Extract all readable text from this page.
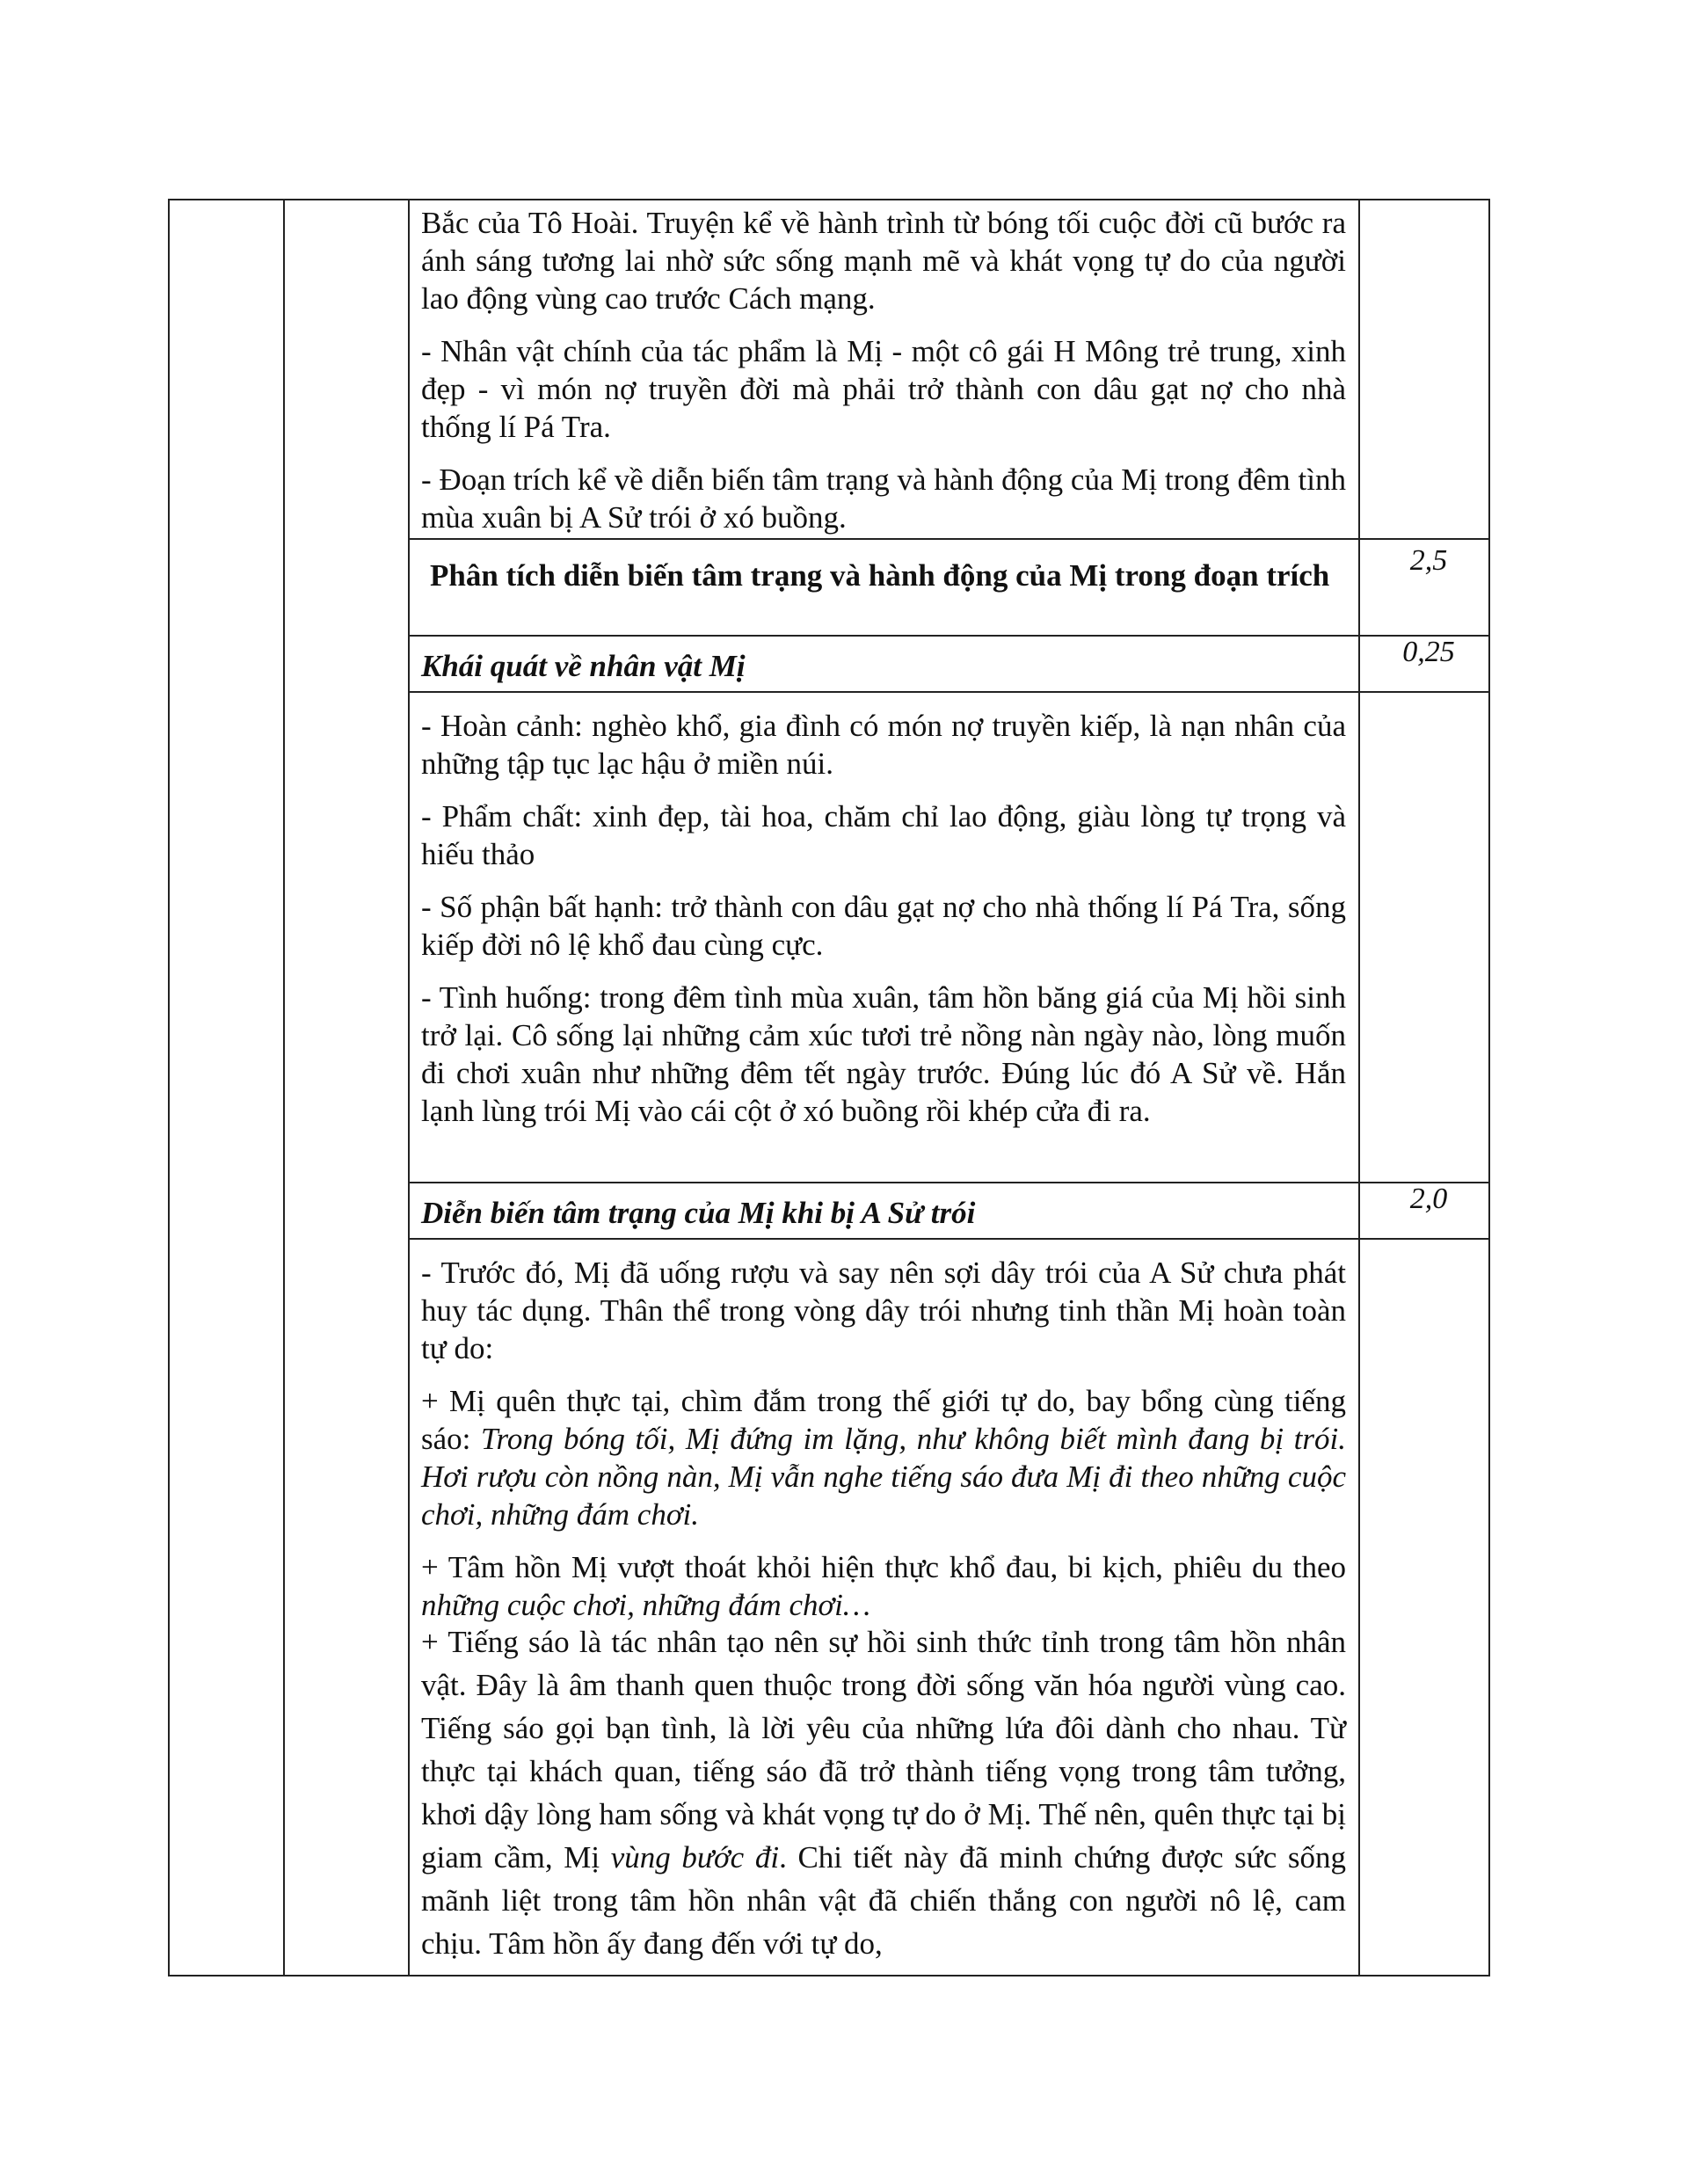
Bắc của Tô Hoài. Truyện kể về hành trình từ bóng tối cuộc đời cũ bước ra ánh sáng tương lai nhờ sức sống mạnh mẽ và khát vọng tự do của người lao động vùng cao trước Cách mạng.

- Nhân vật chính của tác phẩm là Mị - một cô gái H Mông trẻ trung, xinh đẹp - vì món nợ truyền đời mà phải trở thành con dâu gạt nợ cho nhà thống lí Pá Tra.

- Đoạn trích kể về diễn biến tâm trạng và hành động của Mị trong đêm tình mùa xuân bị A Sử trói ở xó buồng.

Phân tích diễn biến tâm trạng và hành động của Mị trong đoạn trích	2,5
Khái quát về nhân vật Mị	0,25

- Hoàn cảnh: nghèo khổ, gia đình có món nợ truyền kiếp, là nạn nhân của những tập tục lạc hậu ở miền núi.

- Phẩm chất: xinh đẹp, tài hoa, chăm chỉ lao động, giàu lòng tự trọng và hiếu thảo

- Số phận bất hạnh: trở thành con dâu gạt nợ cho nhà thống lí Pá Tra, sống kiếp đời nô lệ khổ đau cùng cực.

- Tình huống: trong đêm tình mùa xuân, tâm hồn băng giá của Mị hồi sinh trở lại. Cô sống lại những cảm xúc tươi trẻ nồng nàn ngày nào, lòng muốn đi chơi xuân như những đêm tết ngày trước. Đúng lúc đó A Sử về. Hắn lạnh lùng trói Mị vào cái cột ở xó buồng rồi khép cửa đi ra.

Diễn biến tâm trạng của Mị khi bị A Sử trói	2,0

- Trước đó, Mị đã uống rượu và say nên sợi dây trói của A Sử chưa phát huy tác dụng. Thân thể trong vòng dây trói nhưng tinh thần Mị hoàn toàn tự do:

+ Mị quên thực tại, chìm đắm trong thế giới tự do, bay bổng cùng tiếng sáo: Trong bóng tối, Mị đứng im lặng, như không biết mình đang bị trói. Hơi rượu còn nồng nàn, Mị vẫn nghe tiếng sáo đưa Mị đi theo những cuộc chơi, những đám chơi.

+ Tâm hồn Mị vượt thoát khỏi hiện thực khổ đau, bi kịch, phiêu du theo những cuộc chơi, những đám chơi…

+ Tiếng sáo là tác nhân tạo nên sự hồi sinh thức tỉnh trong tâm hồn nhân vật. Đây là âm thanh quen thuộc trong đời sống văn hóa người vùng cao. Tiếng sáo gọi bạn tình, là lời yêu của những lứa đôi dành cho nhau. Từ thực tại khách quan, tiếng sáo đã trở thành tiếng vọng trong tâm tưởng, khơi dậy lòng ham sống và khát vọng tự do ở Mị. Thế nên, quên thực tại bị giam cầm, Mị vùng bước đi. Chi tiết này đã minh chứng được sức sống mãnh liệt trong tâm hồn nhân vật đã chiến thắng con người nô lệ, cam chịu. Tâm hồn ấy đang đến với tự do,
